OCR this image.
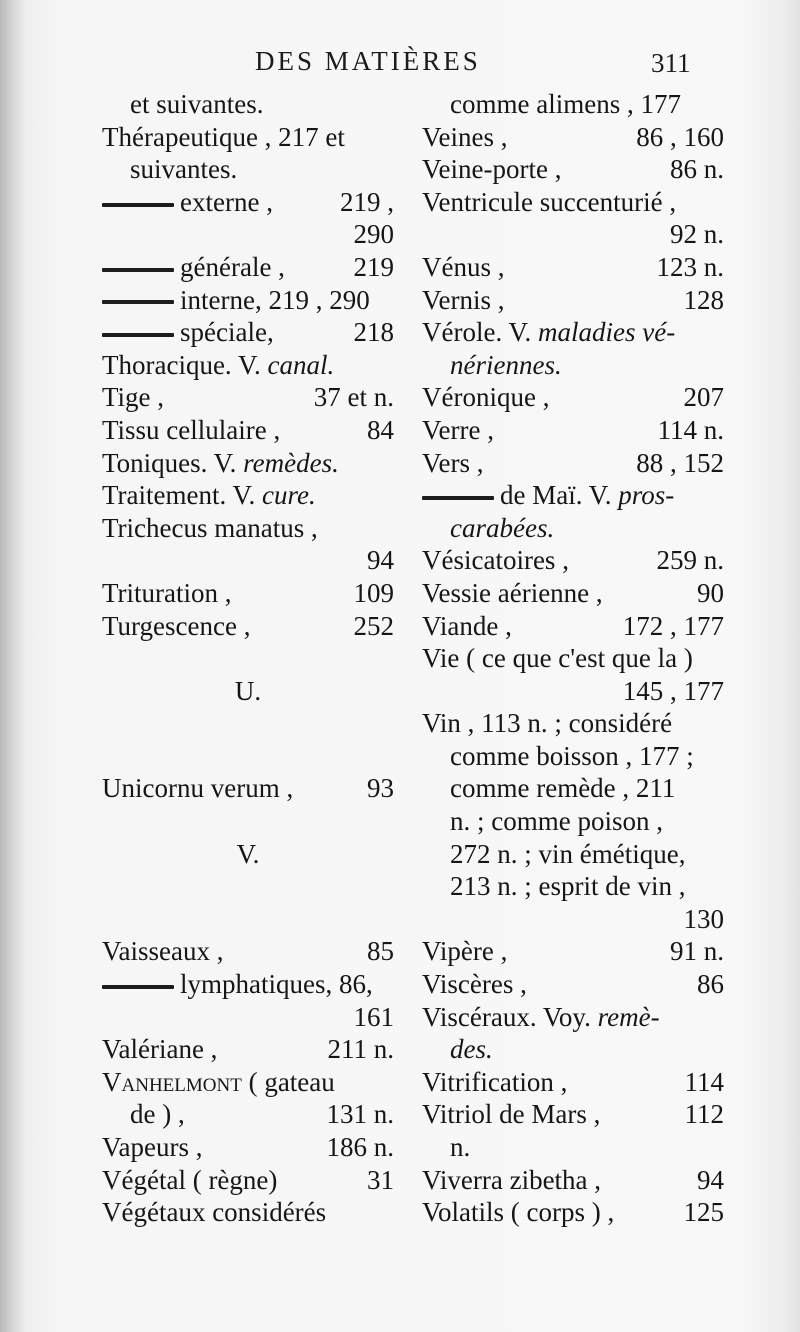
DES MATIÈRES	311
et suivantes.
Thérapeutique , 217 et
suivantes.
externe , 219 ,
290
générale ,	219
interne, 219 , 290
spéciale,	218
Thoracique. V. canal.
Tige ,	37 et n.
Tissu cellulaire ,	84
Toniques. V. remèdes.
Traitement. V. cure.
Trichecus manatus ,
94
Trituration ,	109
Turgescence ,	252
U.
Unicornu verum ,	93
V.
Vaisseaux ,	85
lymphatiques, 86,
161
Valériane ,	211 n.
Vanhelmont ( gateau
de ) ,	131 n.
Vapeurs ,	186 n.
Végétal ( règne)	31
Végétaux considérés
comme alimens , 177
Veines ,	86 , 160
Veine-porte ,	86 n.
Ventricule succenturié ,
92 n.
Vénus ,	123 n.
Vernis ,	128
Vérole. V. maladies vé-
nériennes.
Véronique ,	207
Verre ,	114 n.
Vers ,	88 , 152
de Maï. V. pros-
carabées.
Vésicatoires ,	259 n.
Vessie aérienne ,	90
Viande ,	172 , 177
Vie ( ce que c'est que la )
145 , 177
Vin , 113 n. ; considéré
comme boisson , 177 ;
comme remède , 211
n. ; comme poison ,
272 n. ; vin émétique,
213 n. ; esprit de vin ,
130
Vipère ,	91 n.
Viscères ,	86
Viscéraux. Voy. remè-
des.
Vitrification ,	114
Vitriol de Mars ,	112
n.
Viverra zibetha ,	94
Volatils ( corps ) ,	125
